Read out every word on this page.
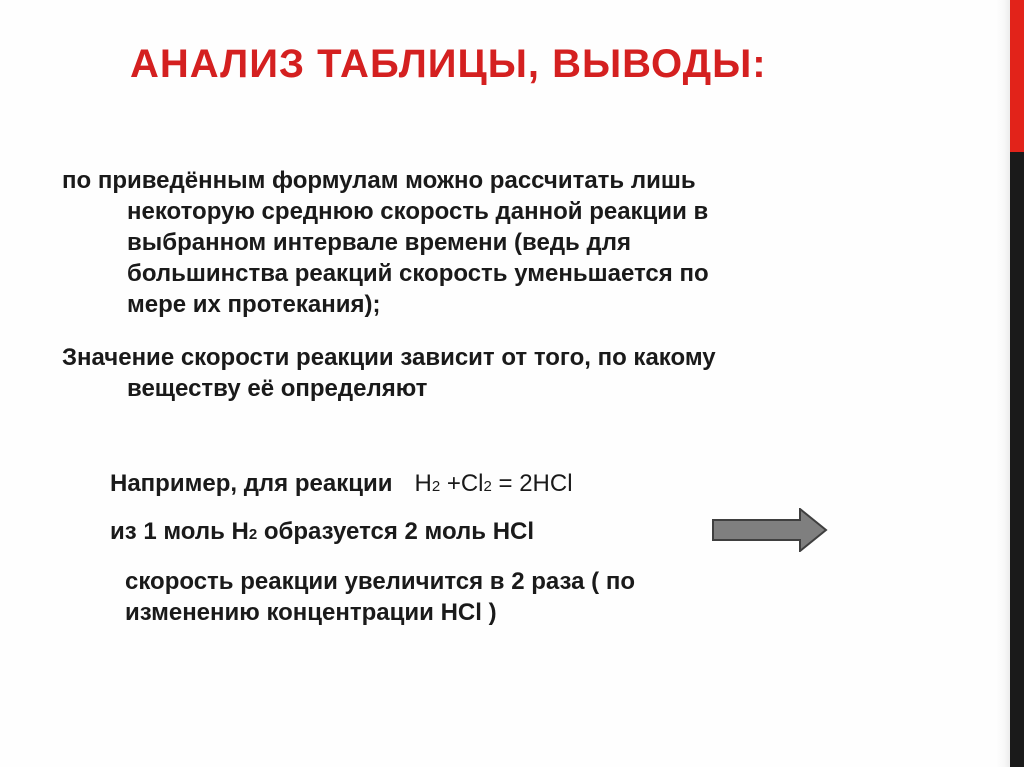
АНАЛИЗ ТАБЛИЦЫ, ВЫВОДЫ:
по приведённым формулам можно рассчитать лишь
некоторую среднюю скорость данной реакции в
выбранном интервале времени (ведь для
большинства реакций скорость уменьшается по
мере их протекания);
Значение скорости реакции зависит от того, по какому
веществу её определяют
Например, для реакции H2 +Cl2 = 2HCl
из 1 моль H2 образуется 2 моль HCl
скорость реакции увеличится в 2 раза ( по
изменению концентрации HCl )
